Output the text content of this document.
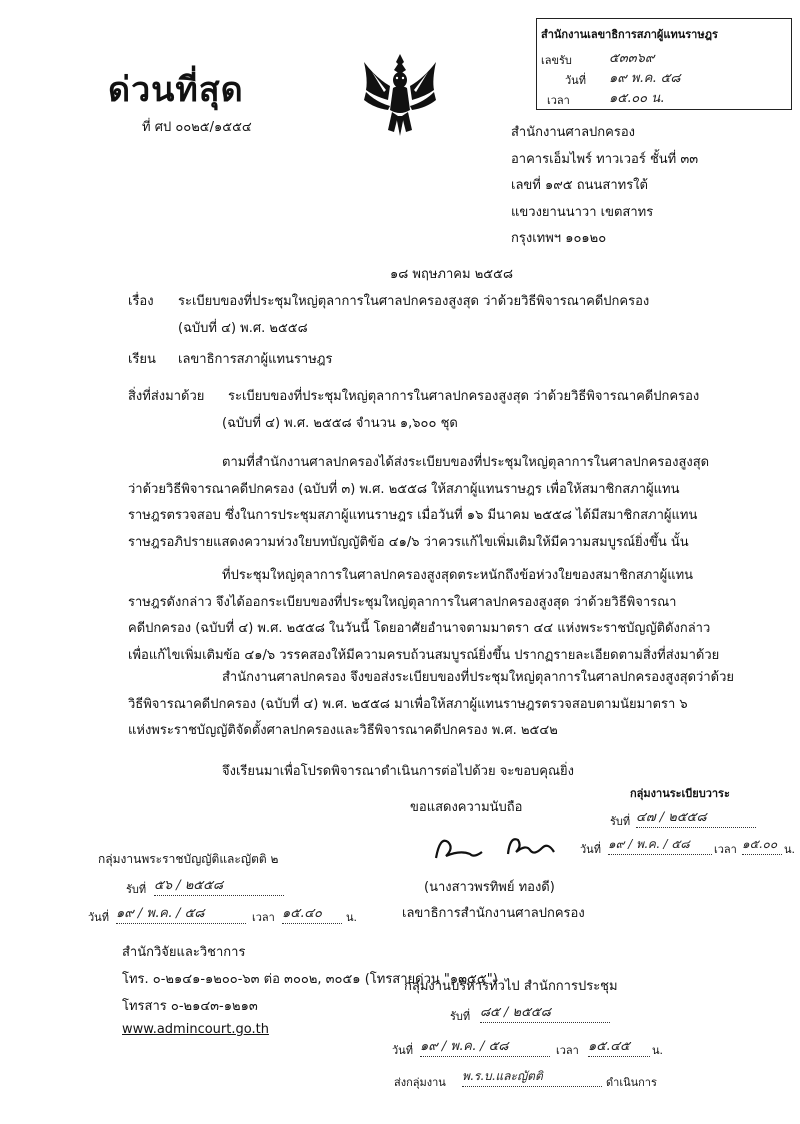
ด่วนที่สุด
ที่ ศป ๐๐๒๕/๑๕๕๔
สำนักงานเลขาธิการสภาผู้แทนราษฎร
เลขรับ	๕๓๓๖๙
วันที่ ๑๙ พ.ค. ๕๘
เวลา	๑๕.๐๐ น.
สำนักงานศาลปกครอง
อาคารเอ็มไพร์ ทาวเวอร์ ชั้นที่ ๓๓
เลขที่ ๑๙๕ ถนนสาทรใต้
แขวงยานนาวา เขตสาทร
กรุงเทพฯ ๑๐๑๒๐
๑๘ พฤษภาคม ๒๕๕๘
เรื่อง ระเบียบของที่ประชุมใหญ่ตุลาการในศาลปกครองสูงสุด ว่าด้วยวิธีพิจารณาคดีปกครอง
(ฉบับที่ ๔) พ.ศ. ๒๕๕๘
เรียน เลขาธิการสภาผู้แทนราษฎร
สิ่งที่ส่งมาด้วย ระเบียบของที่ประชุมใหญ่ตุลาการในศาลปกครองสูงสุด ว่าด้วยวิธีพิจารณาคดีปกครอง
(ฉบับที่ ๔) พ.ศ. ๒๕๕๘ จำนวน ๑,๖๐๐ ชุด
ตามที่สำนักงานศาลปกครองได้ส่งระเบียบของที่ประชุมใหญ่ตุลาการในศาลปกครองสูงสุด
ว่าด้วยวิธีพิจารณาคดีปกครอง (ฉบับที่ ๓) พ.ศ. ๒๕๕๘ ให้สภาผู้แทนราษฎร เพื่อให้สมาชิกสภาผู้แทน
ราษฎรตรวจสอบ ซึ่งในการประชุมสภาผู้แทนราษฎร เมื่อวันที่ ๑๖ มีนาคม ๒๕๕๘ ได้มีสมาชิกสภาผู้แทน
ราษฎรอภิปรายแสดงความห่วงใยบทบัญญัติข้อ ๔๑/๖ ว่าควรแก้ไขเพิ่มเติมให้มีความสมบูรณ์ยิ่งขึ้น นั้น
ที่ประชุมใหญ่ตุลาการในศาลปกครองสูงสุดตระหนักถึงข้อห่วงใยของสมาชิกสภาผู้แทน
ราษฎรดังกล่าว จึงได้ออกระเบียบของที่ประชุมใหญ่ตุลาการในศาลปกครองสูงสุด ว่าด้วยวิธีพิจารณา
คดีปกครอง (ฉบับที่ ๔) พ.ศ. ๒๕๕๘ ในวันนี้ โดยอาศัยอำนาจตามมาตรา ๔๔ แห่งพระราชบัญญัติดังกล่าว
เพื่อแก้ไขเพิ่มเติมข้อ ๔๑/๖ วรรคสองให้มีความครบถ้วนสมบูรณ์ยิ่งขึ้น ปรากฏรายละเอียดตามสิ่งที่ส่งมาด้วย
สำนักงานศาลปกครอง จึงขอส่งระเบียบของที่ประชุมใหญ่ตุลาการในศาลปกครองสูงสุดว่าด้วย
วิธีพิจารณาคดีปกครอง (ฉบับที่ ๔) พ.ศ. ๒๕๕๘ มาเพื่อให้สภาผู้แทนราษฎรตรวจสอบตามนัยมาตรา ๖
แห่งพระราชบัญญัติจัดตั้งศาลปกครองและวิธีพิจารณาคดีปกครอง พ.ศ. ๒๕๔๒
จึงเรียนมาเพื่อโปรดพิจารณาดำเนินการต่อไปด้วย จะขอบคุณยิ่ง
ขอแสดงความนับถือ
(นางสาวพรทิพย์ ทองดี)
เลขาธิการสำนักงานศาลปกครอง
กลุ่มงานระเบียบวาระ
รับที่ ๔๗ / ๒๕๕๘
วันที่ ๑๙ / พ.ค. / ๕๘	เวลา ๑๕.๐๐ น.
กลุ่มงานพระราชบัญญัติและญัตติ ๒
รับที่ ๕๖ / ๒๕๕๘
วันที่ ๑๙ / พ.ค. / ๕๘	เวลา ๑๕.๔๐	น.
สำนักวิจัยและวิชาการ
โทร. ๐-๒๑๔๑-๑๒๐๐-๖๓ ต่อ ๓๐๐๒, ๓๐๕๑ (โทรสายด่วน "๑๓๕๕")
โทรสาร ๐-๒๑๔๓-๑๒๑๓
www.admincourt.go.th
กลุ่มงานบริหารทั่วไป สำนักการประชุม
รับที่ ๘๕ / ๒๕๕๘
วันที่ ๑๙ / พ.ค. / ๕๘	เวลา ๑๕.๔๕	น.
ส่งกลุ่มงาน พ.ร.บ.และญัตติ	ดำเนินการ
